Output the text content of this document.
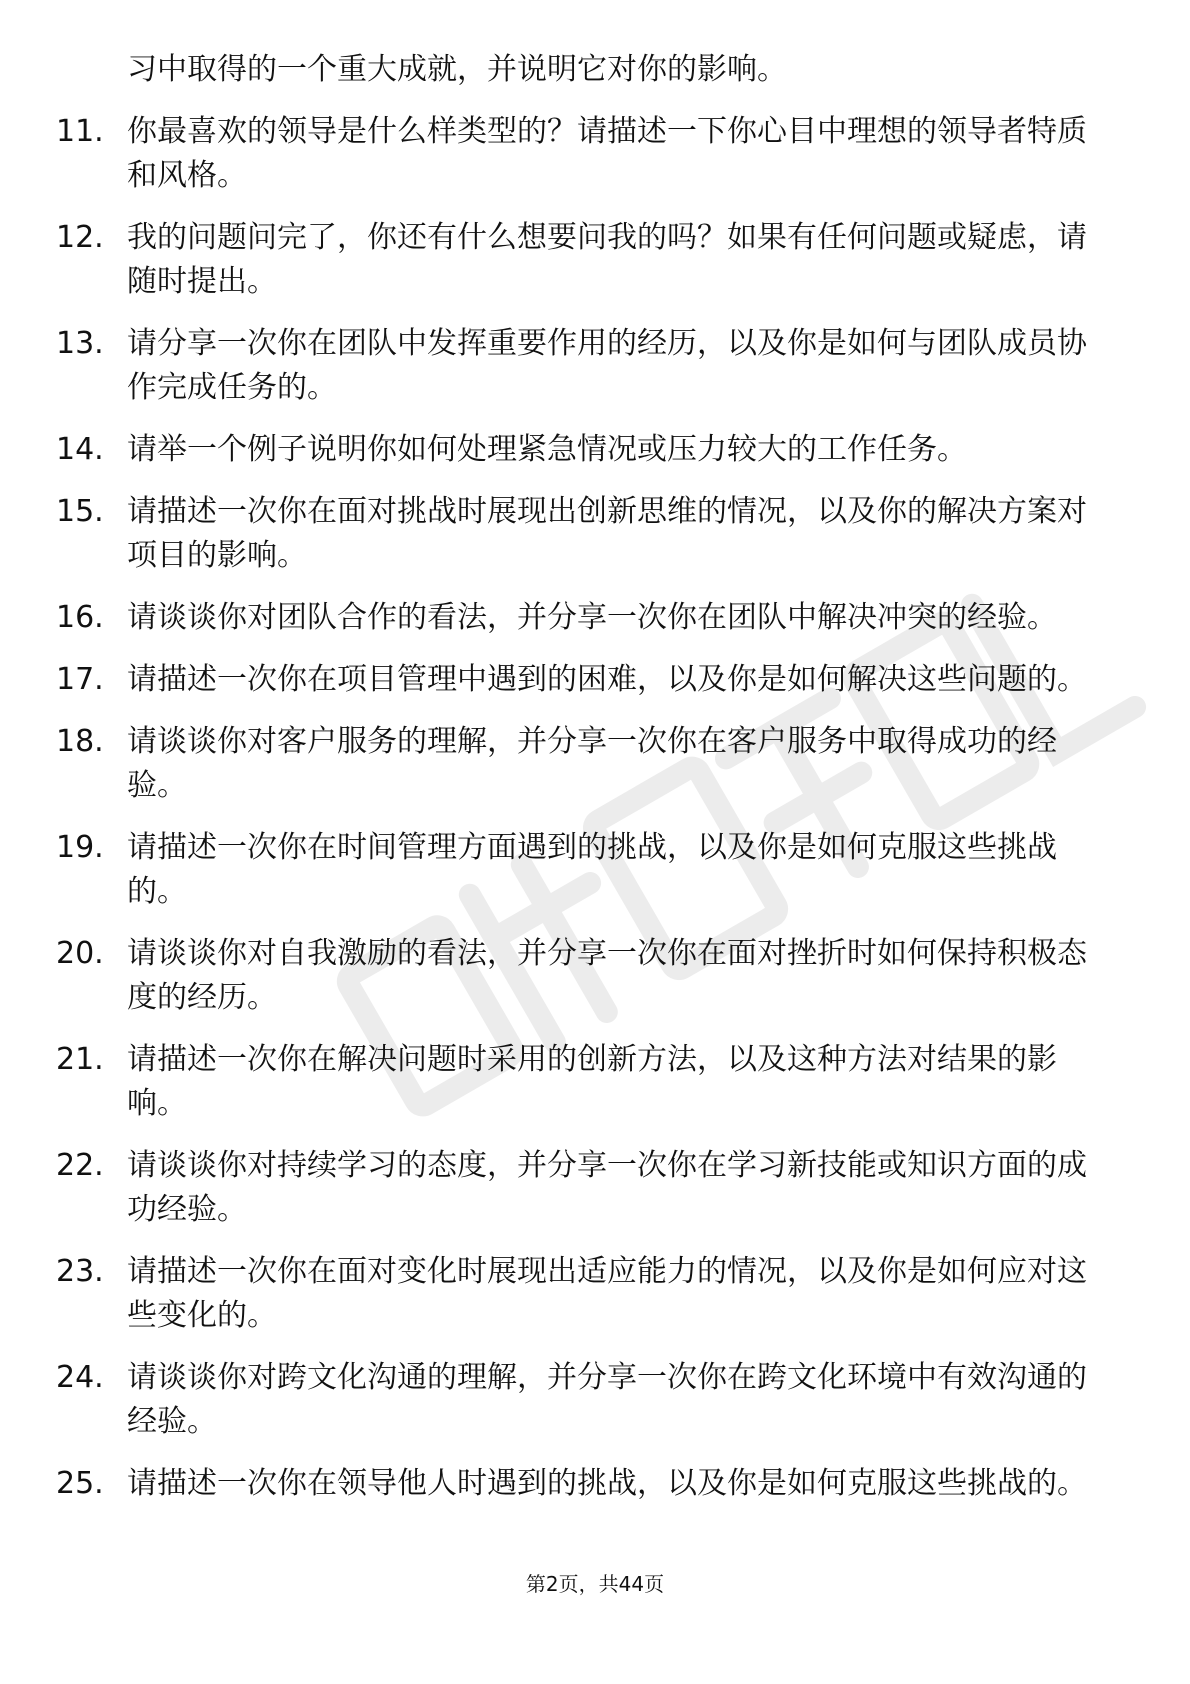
习中取得的一个重大成就，并说明它对你的影响。

11. 你最喜欢的领导是什么样类型的？请描述一下你心目中理想的领导者特质和风格。
12. 我的问题问完了，你还有什么想要问我的吗？如果有任何问题或疑虑，请随时提出。
13. 请分享一次你在团队中发挥重要作用的经历，以及你是如何与团队成员协作完成任务的。
14. 请举一个例子说明你如何处理紧急情况或压力较大的工作任务。
15. 请描述一次你在面对挑战时展现出创新思维的情况，以及你的解决方案对项目的影响。
16. 请谈谈你对团队合作的看法，并分享一次你在团队中解决冲突的经验。
17. 请描述一次你在项目管理中遇到的困难，以及你是如何解决这些问题的。
18. 请谈谈你对客户服务的理解，并分享一次你在客户服务中取得成功的经验。
19. 请描述一次你在时间管理方面遇到的挑战，以及你是如何克服这些挑战的。
20. 请谈谈你对自我激励的看法，并分享一次你在面对挫折时如何保持积极态度的经历。
21. 请描述一次你在解决问题时采用的创新方法，以及这种方法对结果的影响。
22. 请谈谈你对持续学习的态度，并分享一次你在学习新技能或知识方面的成功经验。
23. 请描述一次你在面对变化时展现出适应能力的情况，以及你是如何应对这些变化的。
24. 请谈谈你对跨文化沟通的理解，并分享一次你在跨文化环境中有效沟通的经验。
25. 请描述一次你在领导他人时遇到的挑战，以及你是如何克服这些挑战的。
第2页，共44页
